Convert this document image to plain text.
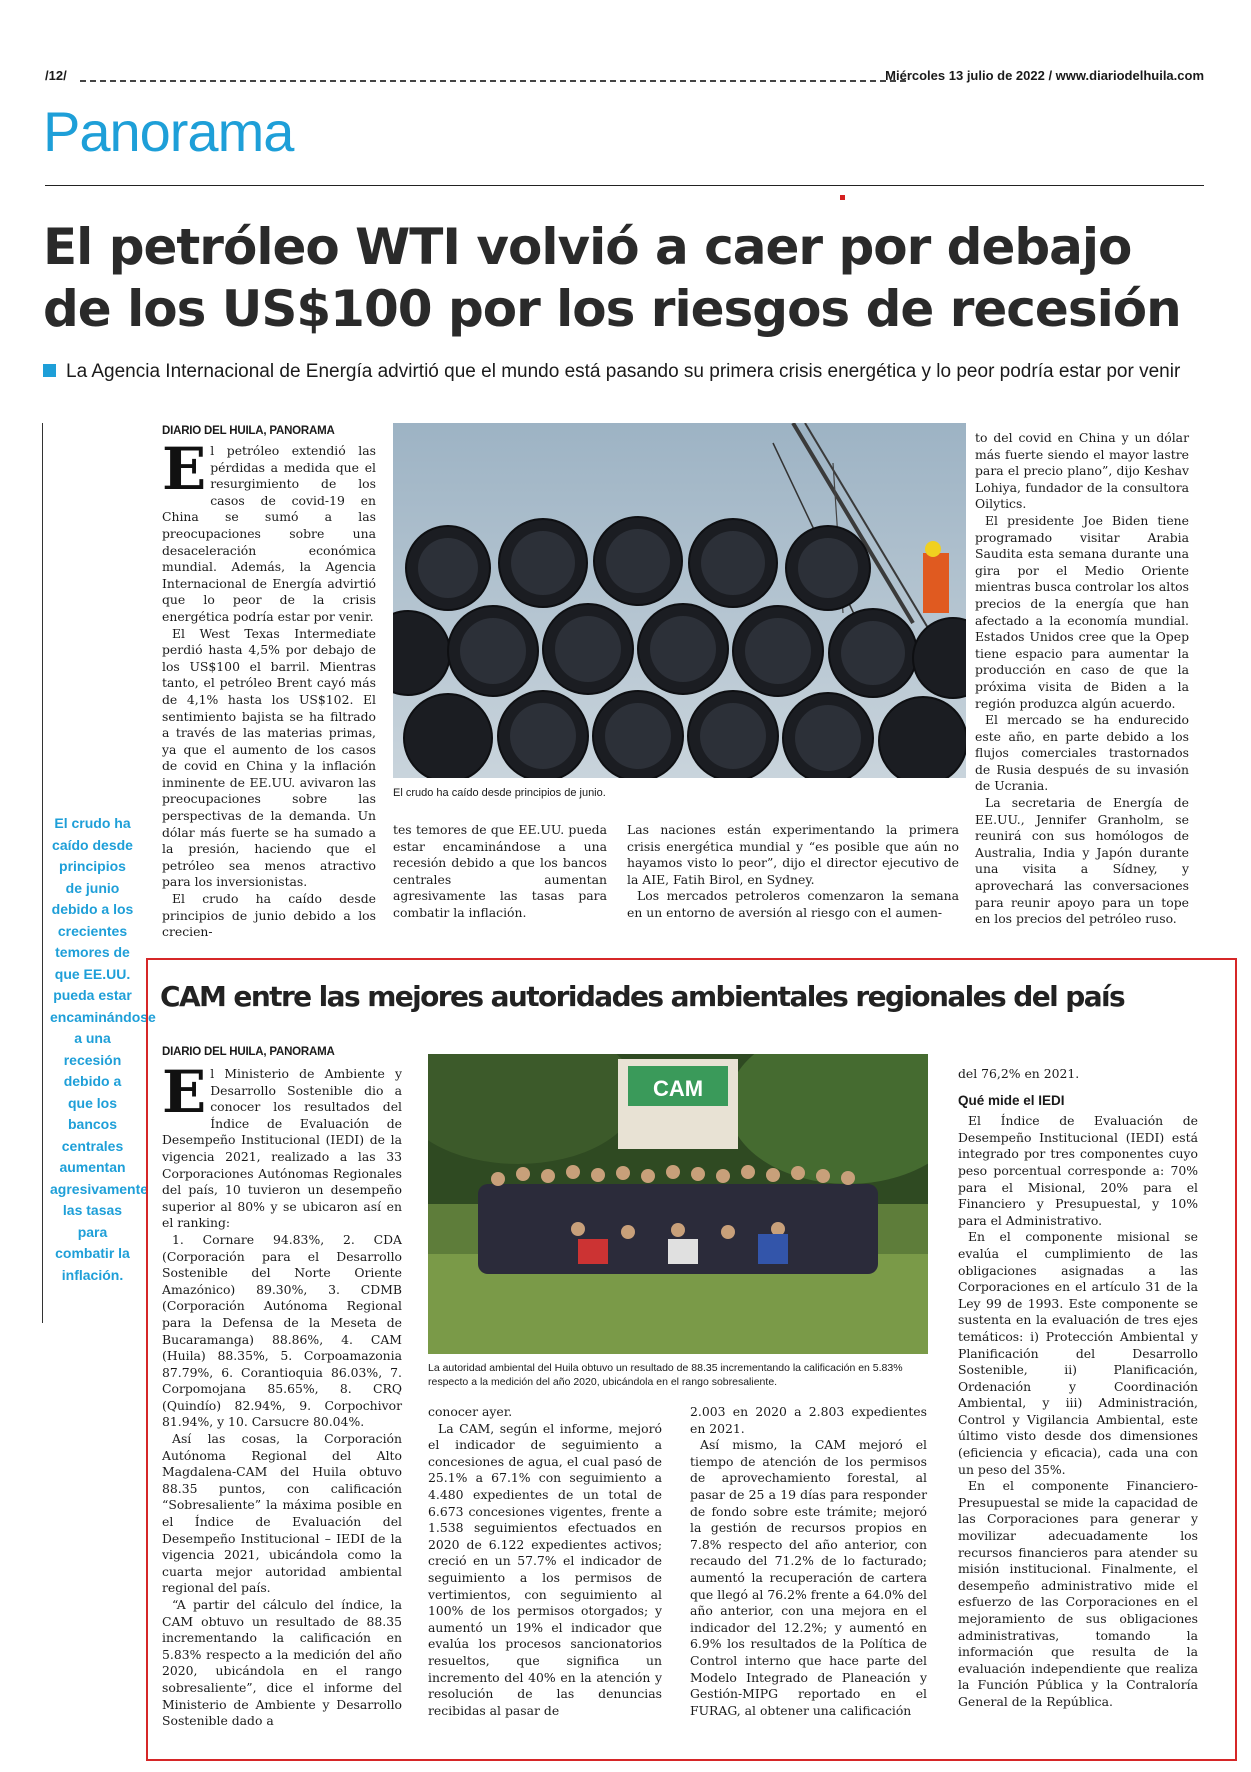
/12/	Miércoles 13 julio de 2022 / www.diariodelhuila.com
Panorama
El petróleo WTI volvió a caer por debajo de los US$100 por los riesgos de recesión
La Agencia Internacional de Energía advirtió que el mundo está pasando su primera crisis energética y lo peor podría estar por venir
El crudo ha caído desde principios de junio debido a los crecientes temores de que EE.UU. pueda estar encaminándose a una recesión debido a que los bancos centrales aumentan agresivamente las tasas para combatir la inflación.
DIARIO DEL HUILA, PANORAMA

El petróleo extendió las pérdidas a medida que el resurgimiento de los casos de covid-19 en China se sumó a las preocupaciones sobre una desaceleración económica mundial. Además, la Agencia Internacional de Energía advirtió que lo peor de la crisis energética podría estar por venir.

El West Texas Intermediate perdió hasta 4,5% por debajo de los US$100 el barril. Mientras tanto, el petróleo Brent cayó más de 4,1% hasta los US$102. El sentimiento bajista se ha filtrado a través de las materias primas, ya que el aumento de los casos de covid en China y la inflación inminente de EE.UU. avivaron las preocupaciones sobre las perspectivas de la demanda. Un dólar más fuerte se ha sumado a la presión, haciendo que el petróleo sea menos atractivo para los inversionistas.

El crudo ha caído desde principios de junio debido a los crecien-

El crudo ha caído desde principios de junio.

tes temores de que EE.UU. pueda estar encaminándose a una recesión debido a que los bancos centrales aumentan agresivamente las tasas para combatir la inflación.

Las naciones están experimentando la primera crisis energética mundial y “es posible que aún no hayamos visto lo peor”, dijo el director ejecutivo de la AIE, Fatih Birol, en Sydney.

Los mercados petroleros comenzaron la semana en un entorno de aversión al riesgo con el aumen-

to del covid en China y un dólar más fuerte siendo el mayor lastre para el precio plano”, dijo Keshav Lohiya, fundador de la consultora Oilytics.

El presidente Joe Biden tiene programado visitar Arabia Saudita esta semana durante una gira por el Medio Oriente mientras busca controlar los altos precios de la energía que han afectado a la economía mundial. Estados Unidos cree que la Opep tiene espacio para aumentar la producción en caso de que la próxima visita de Biden a la región produzca algún acuerdo.

El mercado se ha endurecido este año, en parte debido a los flujos comerciales trastornados de Rusia después de su invasión de Ucrania.

La secretaria de Energía de EE.UU., Jennifer Granholm, se reunirá con sus homólogos de Australia, India y Japón durante una visita a Sídney, y aprovechará las conversaciones para reunir apoyo para un tope en los precios del petróleo ruso.

CAM entre las mejores autoridades ambientales regionales del país
DIARIO DEL HUILA, PANORAMA

El Ministerio de Ambiente y Desarrollo Sostenible dio a conocer los resultados del Índice de Evaluación de Desempeño Institucional (IEDI) de la vigencia 2021, realizado a las 33 Corporaciones Autónomas Regionales del país, 10 tuvieron un desempeño superior al 80% y se ubicaron así en el ranking:

1. Cornare 94.83%, 2. CDA (Corporación para el Desarrollo Sostenible del Norte Oriente Amazónico) 89.30%, 3. CDMB (Corporación Autónoma Regional para la Defensa de la Meseta de Bucaramanga) 88.86%, 4. CAM (Huila) 88.35%, 5. Corpoamazonia 87.79%, 6. Corantioquia 86.03%, 7. Corpomojana 85.65%, 8. CRQ (Quindío) 82.94%, 9. Corpochivor 81.94%, y 10. Carsucre 80.04%.

Así las cosas, la Corporación Autónoma Regional del Alto Magdalena-CAM del Huila obtuvo 88.35 puntos, con calificación “Sobresaliente” la máxima posible en el Índice de Evaluación del Desempeño Institucional – IEDI de la vigencia 2021, ubicándola como la cuarta mejor autoridad ambiental regional del país.

“A partir del cálculo del índice, la CAM obtuvo un resultado de 88.35 incrementando la calificación en 5.83% respecto a la medición del año 2020, ubicándola en el rango sobresaliente”, dice el informe del Ministerio de Ambiente y Desarrollo Sostenible dado a

CAM
La autoridad ambiental del Huila obtuvo un resultado de 88.35 incrementando la calificación en 5.83% respecto a la medición del año 2020, ubicándola en el rango sobresaliente.

conocer ayer.

La CAM, según el informe, mejoró el indicador de seguimiento a concesiones de agua, el cual pasó de 25.1% a 67.1% con seguimiento a 4.480 expedientes de un total de 6.673 concesiones vigentes, frente a 1.538 seguimientos efectuados en 2020 de 6.122 expedientes activos; creció en un 57.7% el indicador de seguimiento a los permisos de vertimientos, con seguimiento al 100% de los permisos otorgados; y aumentó un 19% el indicador que evalúa los procesos sancionatorios resueltos, que significa un incremento del 40% en la atención y resolución de las denuncias recibidas al pasar de

2.003 en 2020 a 2.803 expedientes en 2021.

Así mismo, la CAM mejoró el tiempo de atención de los permisos de aprovechamiento forestal, al pasar de 25 a 19 días para responder de fondo sobre este trámite; mejoró la gestión de recursos propios en 7.8% respecto del año anterior, con recaudo del 71.2% de lo facturado; aumentó la recuperación de cartera que llegó al 76.2% frente a 64.0% del año anterior, con una mejora en el indicador del 12.2%; y aumentó en 6.9% los resultados de la Política de Control interno que hace parte del Modelo Integrado de Planeación y Gestión-MIPG reportado en el FURAG, al obtener una calificación

del 76,2% en 2021.

Qué mide el IEDI

El Índice de Evaluación de Desempeño Institucional (IEDI) está integrado por tres componentes cuyo peso porcentual corresponde a: 70% para el Misional, 20% para el Financiero y Presupuestal, y 10% para el Administrativo.

En el componente misional se evalúa el cumplimiento de las obligaciones asignadas a las Corporaciones en el artículo 31 de la Ley 99 de 1993. Este componente se sustenta en la evaluación de tres ejes temáticos: i) Protección Ambiental y Planificación del Desarrollo Sostenible, ii) Planificación, Ordenación y Coordinación Ambiental, y iii) Administración, Control y Vigilancia Ambiental, este último visto desde dos dimensiones (eficiencia y eficacia), cada una con un peso del 35%.

En el componente Financiero-Presupuestal se mide la capacidad de las Corporaciones para generar y movilizar adecuadamente los recursos financieros para atender su misión institucional. Finalmente, el desempeño administrativo mide el esfuerzo de las Corporaciones en el mejoramiento de sus obligaciones administrativas, tomando la información que resulta de la evaluación independiente que realiza la Función Pública y la Contraloría General de la República.
